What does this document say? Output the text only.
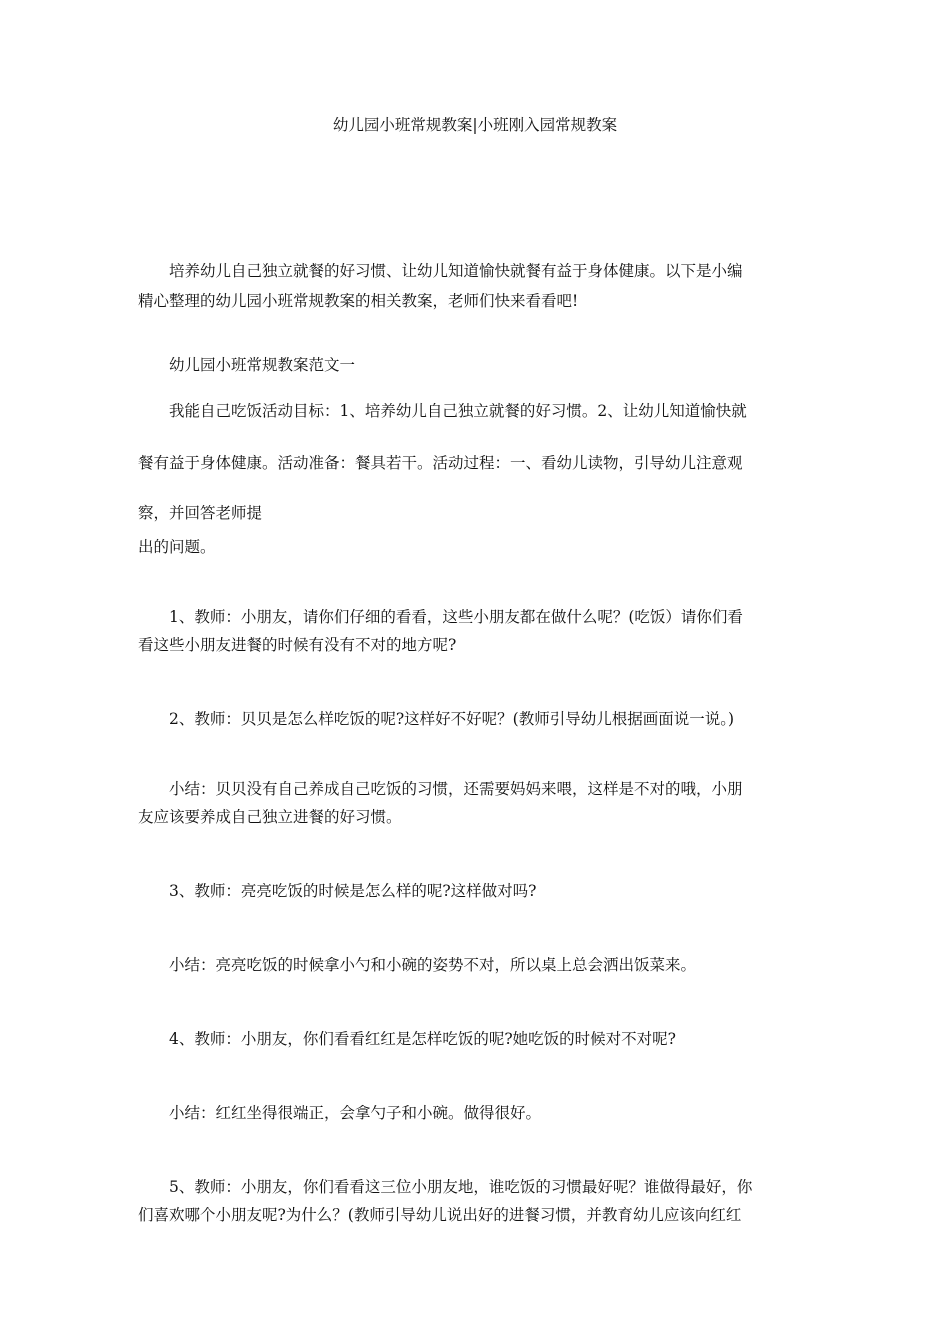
幼儿园小班常规教案|小班刚入园常规教案
　　培养幼儿自己独立就餐的好习惯、让幼儿知道愉快就餐有益于身体健康。以下是小编
精心整理的幼儿园小班常规教案的相关教案，老师们快来看看吧!
　　幼儿园小班常规教案范文一
　　我能自己吃饭活动目标：1、培养幼儿自己独立就餐的好习惯。2、让幼儿知道愉快就
餐有益于身体健康。活动准备：餐具若干。活动过程：一、看幼儿读物，引导幼儿注意观
察，并回答老师提
出的问题。
　　1、教师：小朋友，请你们仔细的看看，这些小朋友都在做什么呢？(吃饭）请你们看
看这些小朋友进餐的时候有没有不对的地方呢?
　　2、教师：贝贝是怎么样吃饭的呢?这样好不好呢？(教师引导幼儿根据画面说一说。)
　　小结：贝贝没有自己养成自己吃饭的习惯，还需要妈妈来喂，这样是不对的哦，小朋
友应该要养成自己独立进餐的好习惯。
　　3、教师：亮亮吃饭的时候是怎么样的呢?这样做对吗?
　　小结：亮亮吃饭的时候拿小勺和小碗的姿势不对，所以桌上总会洒出饭菜来。
　　4、教师：小朋友，你们看看红红是怎样吃饭的呢?她吃饭的时候对不对呢?
　　小结：红红坐得很端正，会拿勺子和小碗。做得很好。
　　5、教师：小朋友，你们看看这三位小朋友地，谁吃饭的习惯最好呢？谁做得最好，你
们喜欢哪个小朋友呢?为什么？(教师引导幼儿说出好的进餐习惯，并教育幼儿应该向红红
